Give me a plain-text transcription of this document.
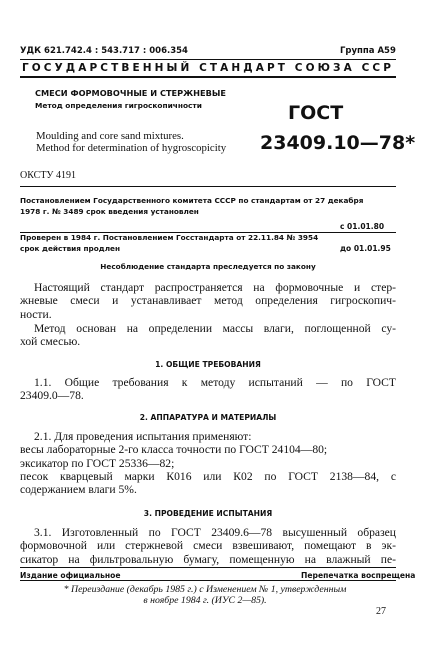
УДК 621.742.4 : 543.717 : 006.354	Группа А59
ГОСУДАРСТВЕННЫЙ СТАНДАРТ СОЮЗА ССР
СМЕСИ ФОРМОВОЧНЫЕ И СТЕРЖНЕВЫЕ
Метод определения гигроскопичности
Moulding and core sand mixtures.
Method for determination of hygroscopicity
ГОСТ
23409.10—78*
ОКСТУ 4191
Постановлением Государственного комитета СССР по стандартам от 27 декабря
1978 г. № 3489 срок введения установлен
с 01.01.80
Проверен в 1984 г. Постановлением Госстандарта от 22.11.84 № 3954
срок действия продлен	до 01.01.95
Несоблюдение стандарта преследуется по закону
Настоящий стандарт распространяется на формовочные и стер-
жневые смеси и устанавливает метод определения гигроскопич-
ности.
Метод основан на определении массы влаги, поглощенной су-
хой смесью.
1. ОБЩИЕ ТРЕБОВАНИЯ
1.1. Общие требования к методу испытаний — по ГОСТ
23409.0—78.
2. АППАРАТУРА И МАТЕРИАЛЫ
2.1. Для проведения испытания применяют:
весы лабораторные 2-го класса точности по ГОСТ 24104—80;
эксикатор по ГОСТ 25336—82;
песок кварцевый марки К016 или К02 по ГОСТ 2138—84, с
содержанием влаги 5%.
3. ПРОВЕДЕНИЕ ИСПЫТАНИЯ
3.1. Изготовленный по ГОСТ 23409.6—78 высушенный образец
формовочной или стержневой смеси взвешивают, помещают в эк-
сикатор на фильтровальную бумагу, помещенную на влажный пе-
Издание официальное	Перепечатка воспрещена
* Переиздание (декабрь 1985 г.) с Изменением № 1, утвержденным
в ноябре 1984 г. (ИУС 2—85).
27
